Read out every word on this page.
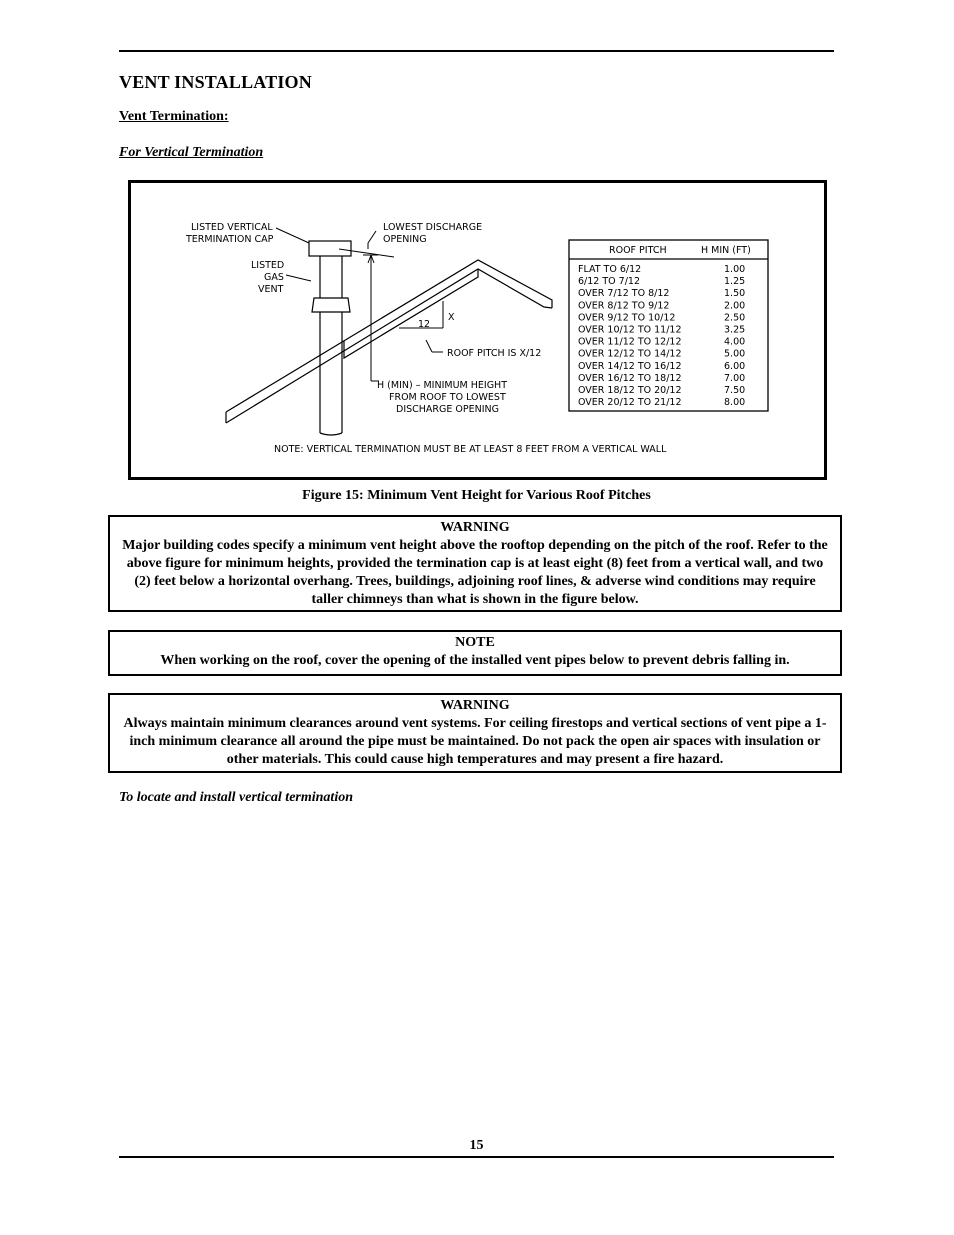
VENT INSTALLATION
Vent Termination:
For Vertical Termination
LISTED VERTICAL
TERMINATION CAP
LOWEST DISCHARGE
OPENING
LISTED
GAS
VENT
X
12
ROOF PITCH IS X/12
H (MIN) – MINIMUM HEIGHT
FROM ROOF TO LOWEST
DISCHARGE OPENING
NOTE: VERTICAL TERMINATION MUST BE AT LEAST 8 FEET FROM A VERTICAL WALL
ROOF PITCH	H MIN (FT)
FLAT TO 6/12	1.00
6/12 TO 7/12	1.25
OVER 7/12 TO 8/12	1.50
OVER 8/12 TO 9/12	2.00
OVER 9/12 TO 10/12	2.50
OVER 10/12 TO 11/12	3.25
OVER 11/12 TO 12/12	4.00
OVER 12/12 TO 14/12	5.00
OVER 14/12 TO 16/12	6.00
OVER 16/12 TO 18/12	7.00
OVER 18/12 TO 20/12	7.50
OVER 20/12 TO 21/12	8.00
Figure 15: Minimum Vent Height for Various Roof Pitches
WARNING
Major building codes specify a minimum vent height above the rooftop depending on the pitch of the roof. Refer to the above figure for minimum heights, provided the termination cap is at least eight (8) feet from a vertical wall, and two (2) feet below a horizontal overhang. Trees, buildings, adjoining roof lines, & adverse wind conditions may require taller chimneys than what is shown in the figure below.
NOTE
When working on the roof, cover the opening of the installed vent pipes below to prevent debris falling in.
WARNING
Always maintain minimum clearances around vent systems. For ceiling firestops and vertical sections of vent pipe a 1-inch minimum clearance all around the pipe must be maintained. Do not pack the open air spaces with insulation or other materials. This could cause high temperatures and may present a fire hazard.
To locate and install vertical termination
15
